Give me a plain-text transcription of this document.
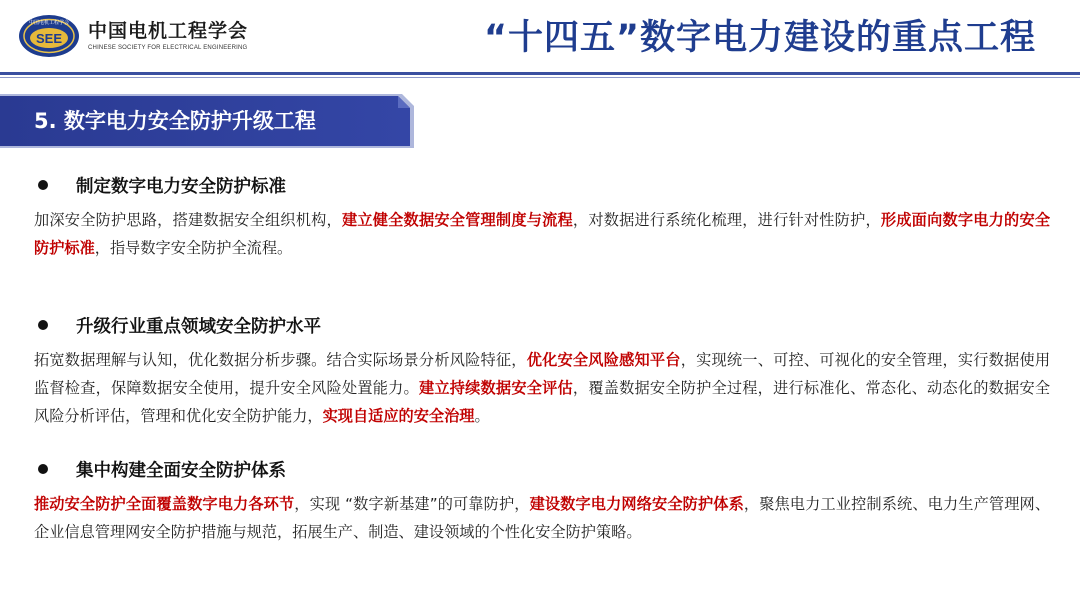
SEE
中国电机工程学会 中国电机工程学会
CHINESE SOCIETY FOR ELECTRICAL ENGINEERING	“十四五”数字电力建设的重点工程
5. 数字电力安全防护升级工程
制定数字电力安全防护标准

加深安全防护思路，搭建数据安全组织机构，建立健全数据安全管理制度与流程，对数据进行系统化梳理，进行针对性防护，形成面向数字电力的安全防护标准，指导数字安全防护全流程。

升级行业重点领域安全防护水平

拓宽数据理解与认知，优化数据分析步骤。结合实际场景分析风险特征，优化安全风险感知平台，实现统一、可控、可视化的安全管理，实行数据使用监督检查，保障数据安全使用，提升安全风险处置能力。建立持续数据安全评估，覆盖数据安全防护全过程，进行标准化、常态化、动态化的数据安全风险分析评估，管理和优化安全防护能力，实现自适应的安全治理。

集中构建全面安全防护体系

推动安全防护全面覆盖数字电力各环节，实现 “数字新基建”的可靠防护，建设数字电力网络安全防护体系，聚焦电力工业控制系统、电力生产管理网、企业信息管理网安全防护措施与规范，拓展生产、制造、建设领域的个性化安全防护策略。
